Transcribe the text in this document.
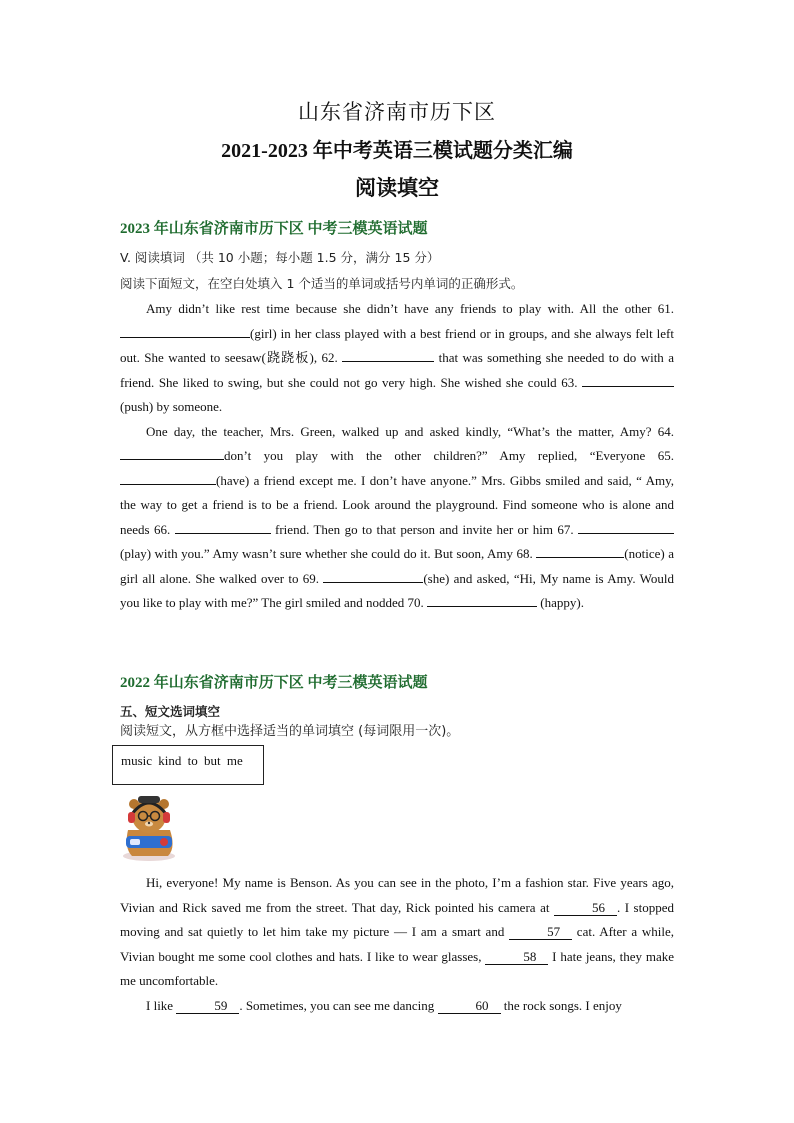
山东省济南市历下区
2021-2023 年中考英语三模试题分类汇编
阅读填空
2023 年山东省济南市历下区 中考三模英语试题
V. 阅读填词 （共 10 小题；每小题 1.5 分，满分 15 分）
阅读下面短文，在空白处填入 1 个适当的单词或括号内单词的正确形式。

Amy didn’t like rest time because she didn’t have any friends to play with. All the other 61.(girl) in her class played with a best friend or in groups, and she always felt left out. She wanted to seesaw(跷跷板), 62.	that was something she needed to do with a friend. She liked to swing, but she could not go very high. She wished she could 63. (push) by someone.

One day, the teacher, Mrs. Green, walked up and asked kindly, “What’s the matter, Amy? 64. don’t you play with the other children?” Amy replied, “Everyone 65. (have) a friend except me. I don’t have anyone.” Mrs. Gibbs smiled and said, “ Amy, the way to get a friend is to be a friend. Look around the playground. Find someone who is alone and needs 66.	friend. Then go to that person and invite her or him 67. (play) with you.” Amy wasn’t sure whether she could do it. But soon, Amy 68.	(notice) a girl all alone. She walked over to 69.	(she) and asked, “Hi, My name is Amy. Would you like to play with me?” The girl smiled and nodded 70.	(happy).

2022 年山东省济南市历下区 中考三模英语试题
五、短文选词填空
阅读短文，从方框中选择适当的单词填空 (每词限用一次)。
music kind to but me

Hi, everyone! My name is Benson. As you can see in the photo, I’m a fashion star. Five years ago, Vivian and Rick saved me from the street. That day, Rick pointed his camera at	56 . I stopped moving and sat quietly to let him take my picture — I am a smart and	57 cat. After a while, Vivian bought me some cool clothes and hats. I like to wear glasses,	58 I hate jeans, they make me uncomfortable.

I like	59 . Sometimes, you can see me dancing	60 the rock songs. I enjoy
